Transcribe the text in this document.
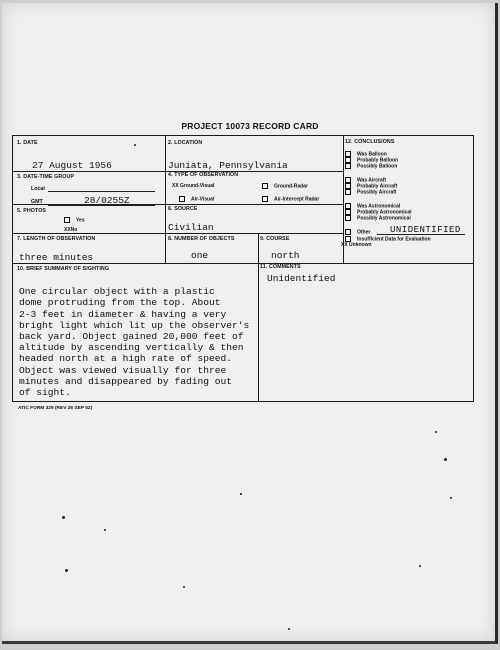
PROJECT 10073 RECORD CARD
1. DATE
27 August 1956
2. LOCATION
Juniata, Pennsylvania
3. DATE-TIME GROUP
Local
GMT	28/0255Z
4. TYPE OF OBSERVATION
XX Ground-Visual	Ground-Radar
Air-Visual	Air-Intercept Radar
5. PHOTOS
Yes
XXNo
6. SOURCE
Civilian
7. LENGTH OF OBSERVATION
three minutes
8. NUMBER OF OBJECTS
one
9. COURSE
north
10. BRIEF SUMMARY OF SIGHTING

One circular object with a plastic
dome protruding from the top. About
2-3 feet in diameter & having a very
bright light which lit up the observer's
back yard. Object gained 20,000 feet of
altitude by ascending vertically & then
headed north at a high rate of speed.
Object was viewed visually for three
minutes and disappeared by fading out
of sight.

11. COMMENTS
Unidentified
12. CONCLUSIONS
Was Balloon
Probably Balloon
Possibly Balloon
Was Aircraft
Probably Aircraft
Possibly Aircraft
Was Astronomical
Probably Astronomical
Possibly Astronomical
Other UNIDENTIFIED
Insufficient Data for Evaluation
XX Unknown
ATIC FORM 329 (REV 26 SEP 52)
